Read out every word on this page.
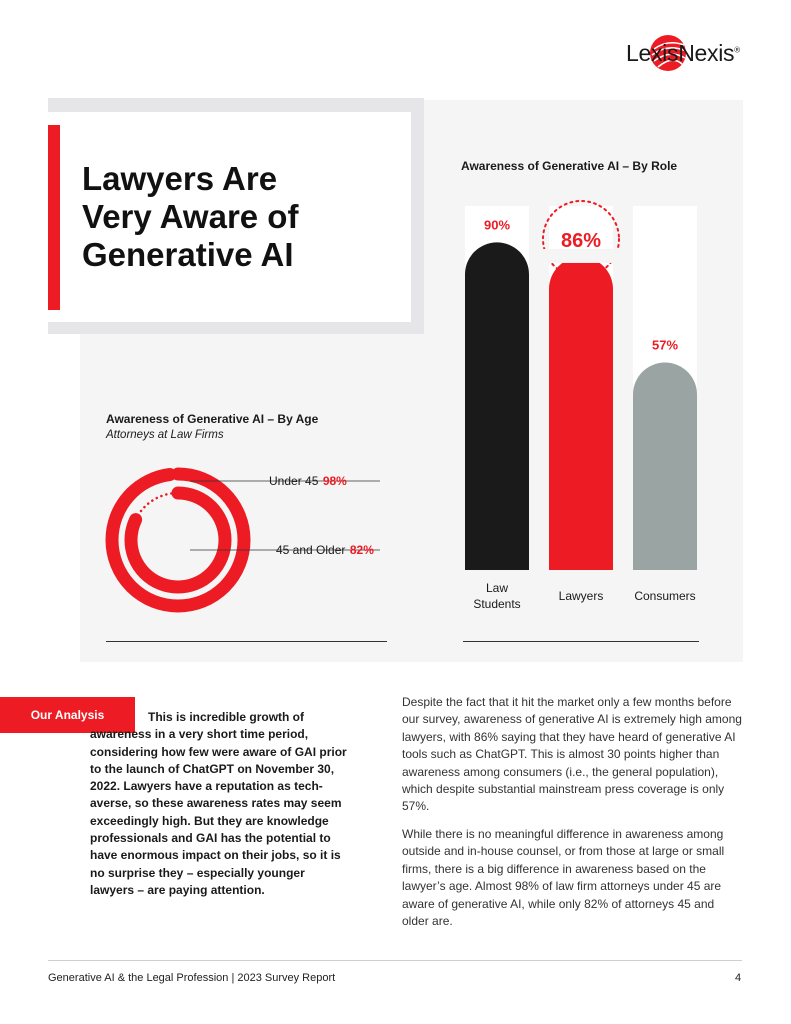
LexisNexis®
Lawyers Are
Very Aware of
Generative AI
Awareness of Generative AI – By Role
90%
Law
Students
86%
Lawyers
57%
Consumers
Awareness of Generative AI – By Age
Attorneys at Law Firms
Under 45 98%
45 and Older 82%
Our Analysis	This is incredible growth of awareness in a very short time period, considering how few were aware of GAI prior to the launch of ChatGPT on November 30, 2022. Lawyers have a reputation as tech-averse, so these awareness rates may seem exceedingly high. But they are knowledge professionals and GAI has the potential to have enormous impact on their jobs, so it is no surprise they – especially younger lawyers – are paying attention.

Despite the fact that it hit the market only a few months before our survey, awareness of generative AI is extremely high among lawyers, with 86% saying that they have heard of generative AI tools such as ChatGPT. This is almost 30 points higher than awareness among consumers (i.e., the general population), which despite substantial mainstream press coverage is only 57%.

While there is no meaningful difference in awareness among outside and in-house counsel, or from those at large or small firms, there is a big difference in awareness based on the lawyer’s age. Almost 98% of law firm attorneys under 45 are aware of generative AI, while only 82% of attorneys 45 and older are.

Generative AI & the Legal Profession | 2023 Survey Report	4
